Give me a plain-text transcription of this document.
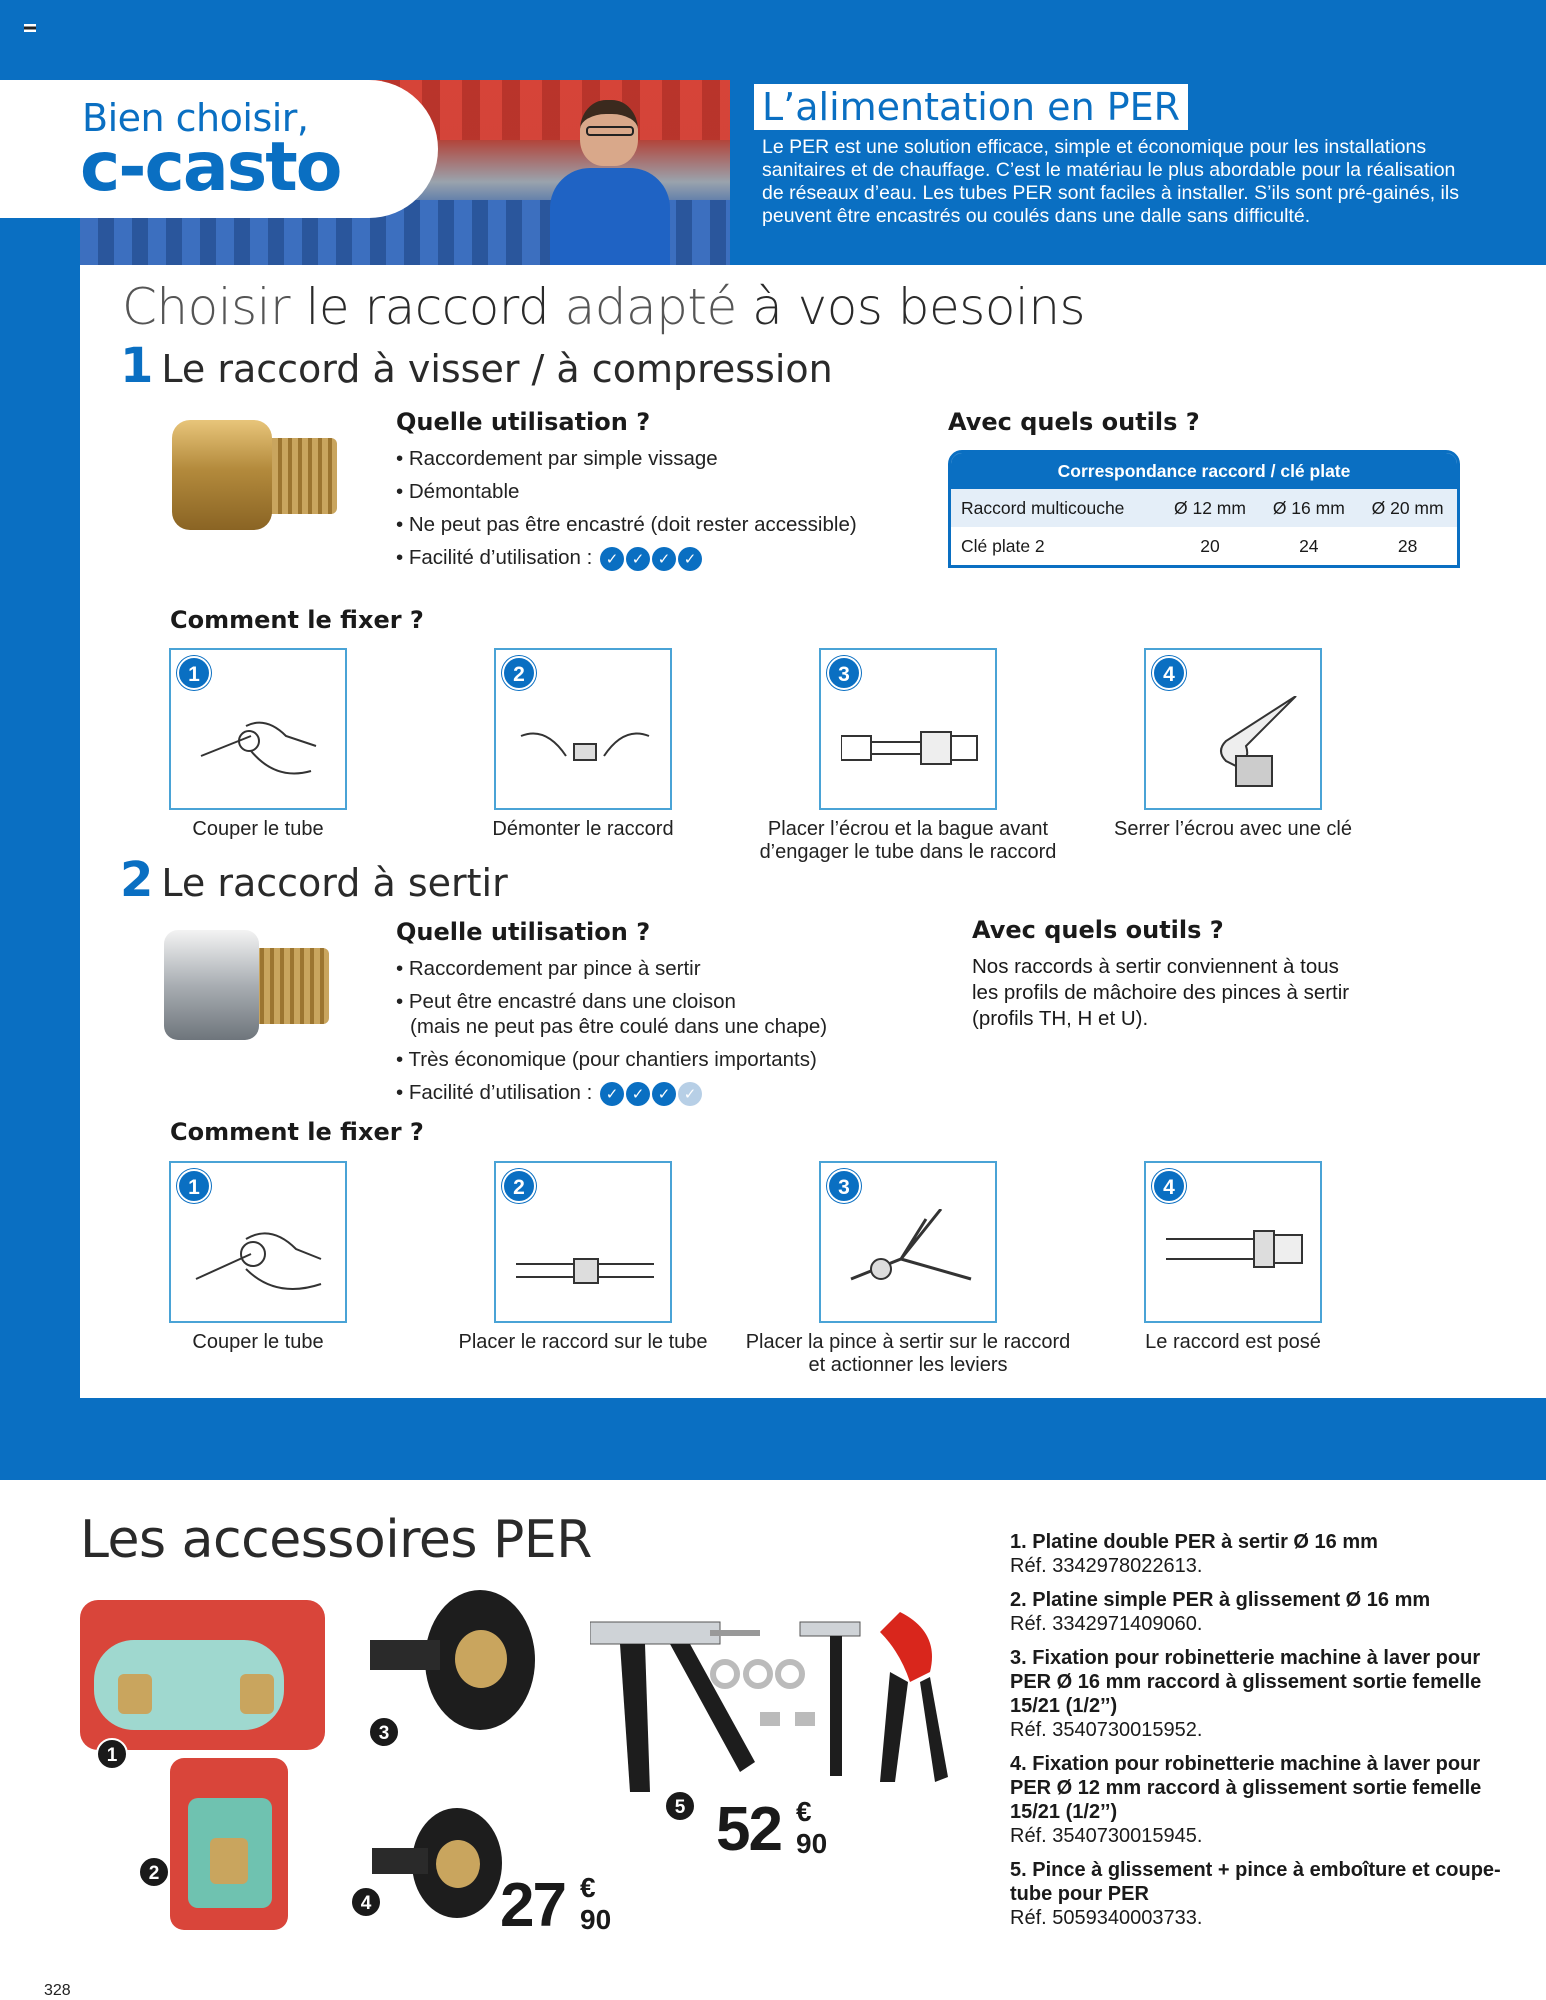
Bien choisir,
c-casto
L’alimentation en PER
Le PER est une solution efficace, simple et économique pour les installations sanitaires et de chauffage. C’est le matériau le plus abordable pour la réalisation de réseaux d’eau. Les tubes PER sont faciles à installer. S’ils sont pré-gainés, ils peuvent être encastrés ou coulés dans une dalle sans difficulté.
Choisir le raccord adapté à vos besoins
1 Le raccord à visser / à compression
Quelle utilisation ?
• Raccordement par simple vissage
• Démontable
• Ne peut pas être encastré (doit rester accessible)
• Facilité d’utilisation : ✓ ✓ ✓ ✓
Avec quels outils ?
Correspondance raccord / clé plate
Raccord multicouche	Ø 12 mm	Ø 16 mm	Ø 20 mm
Clé plate 2	20	24	28
Comment le fixer ?
1
Couper le tube
2
Démonter le raccord
3
Placer l’écrou et la bague avant d’engager le tube dans le raccord
4
Serrer l’écrou avec une clé
2 Le raccord à sertir
Quelle utilisation ?
• Raccordement par pince à sertir
• Peut être encastré dans une cloison
(mais ne peut pas être coulé dans une chape)
• Très économique (pour chantiers importants)
• Facilité d’utilisation : ✓ ✓ ✓ ✓
Avec quels outils ?
Nos raccords à sertir conviennent à tous les profils de mâchoire des pinces à sertir (profils TH, H et U).
Comment le fixer ?
1
Couper le tube
2
Placer le raccord sur le tube
3
Placer la pince à sertir sur le raccord et actionner les leviers
4
Le raccord est posé
Les accessoires PER
1
2
3
4 27 €
90
5 52 €
90
1. Platine double PER à sertir Ø 16 mm
Réf. 3342978022613.
2. Platine simple PER à glissement Ø 16 mm
Réf. 3342971409060.
3. Fixation pour robinetterie machine à laver pour PER Ø 16 mm raccord à glissement sortie femelle 15/21 (1/2’’)
Réf. 3540730015952.
4. Fixation pour robinetterie machine à laver pour PER Ø 12 mm raccord à glissement sortie femelle 15/21 (1/2’’)
Réf. 3540730015945.
5. Pince à glissement + pince à emboîture et coupe-tube pour PER
Réf. 5059340003733.
328
